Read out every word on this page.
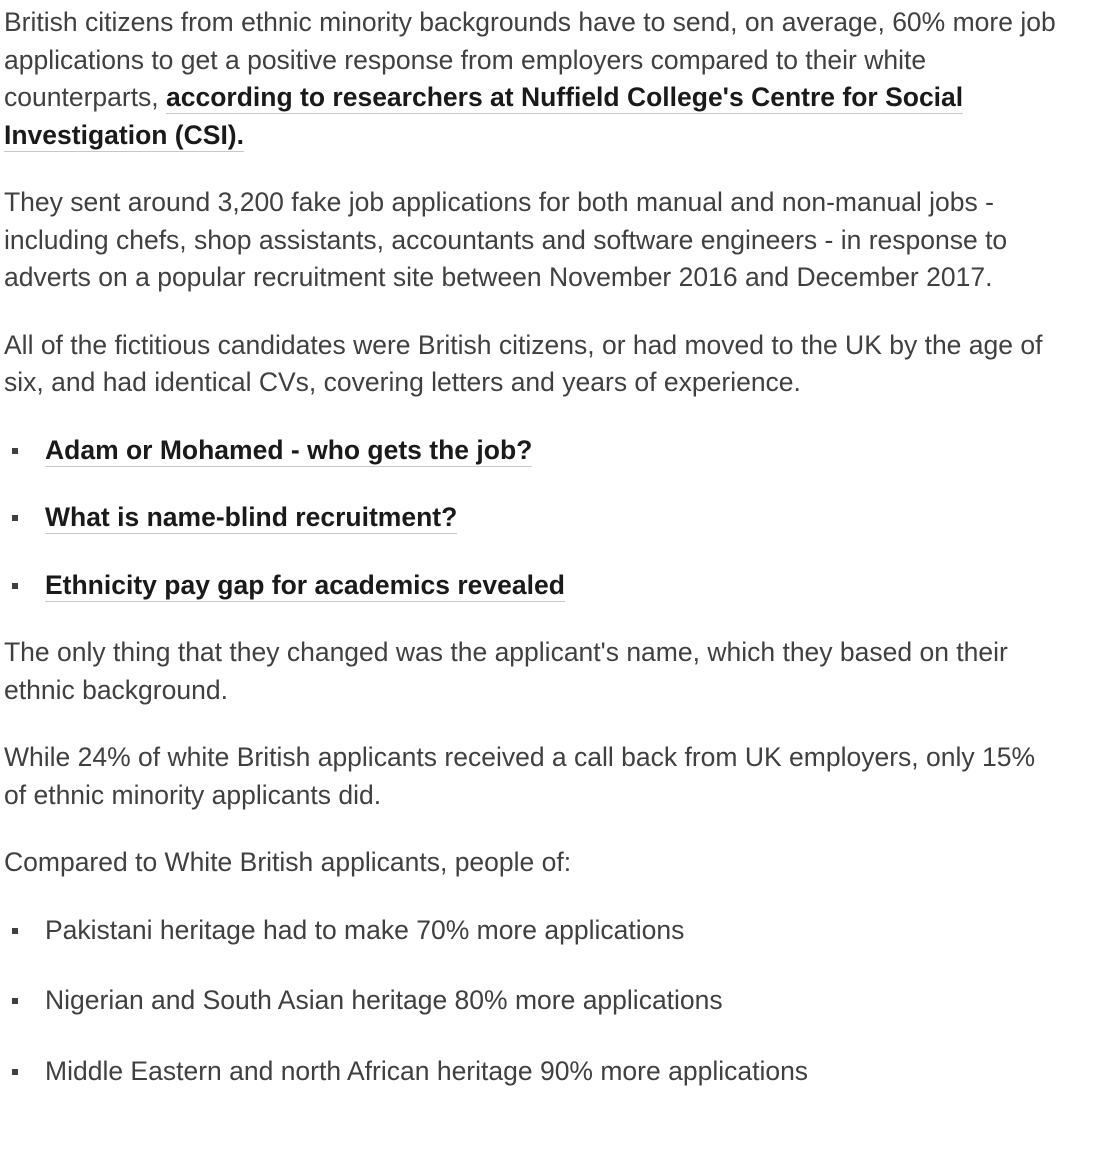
British citizens from ethnic minority backgrounds have to send, on average, 60% more job applications to get a positive response from employers compared to their white counterparts, according to researchers at Nuffield College's Centre for Social Investigation (CSI).

They sent around 3,200 fake job applications for both manual and non-manual jobs - including chefs, shop assistants, accountants and software engineers - in response to adverts on a popular recruitment site between November 2016 and December 2017.

All of the fictitious candidates were British citizens, or had moved to the UK by the age of six, and had identical CVs, covering letters and years of experience.

Adam or Mohamed - who gets the job?
What is name-blind recruitment?
Ethnicity pay gap for academics revealed

The only thing that they changed was the applicant's name, which they based on their ethnic background.

While 24% of white British applicants received a call back from UK employers, only 15% of ethnic minority applicants did.

Compared to White British applicants, people of:

Pakistani heritage had to make 70% more applications
Nigerian and South Asian heritage 80% more applications
Middle Eastern and north African heritage 90% more applications
